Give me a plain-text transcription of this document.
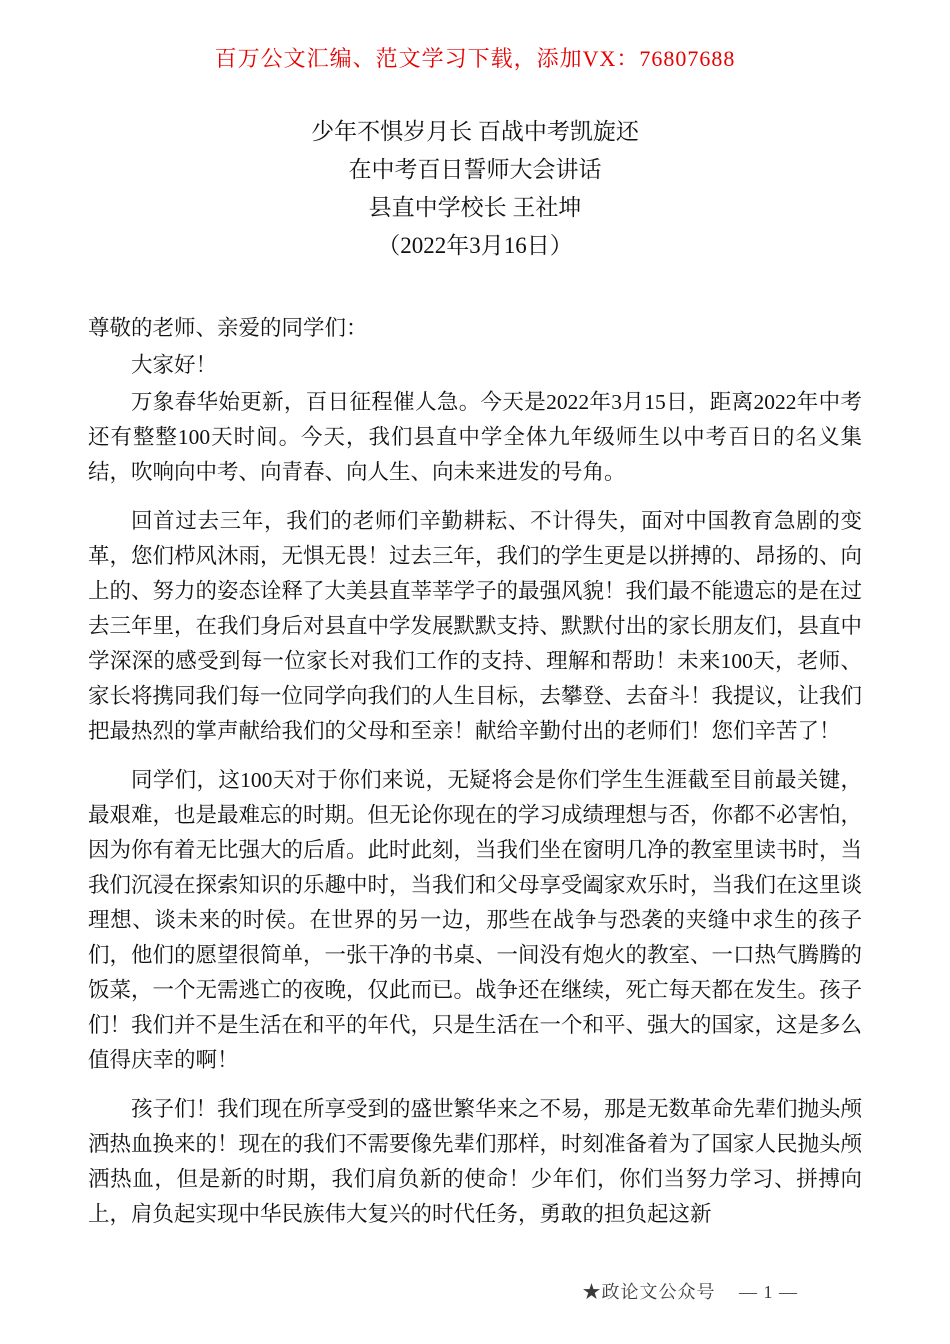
百万公文汇编、范文学习下载，添加VX：76807688
少年不惧岁月长 百战中考凯旋还
在中考百日誓师大会讲话
县直中学校长 王社坤
（2022年3月16日）

尊敬的老师、亲爱的同学们：

大家好！

万象春华始更新，百日征程催人急。今天是2022年3月15日，距离2022年中考还有整整100天时间。今天，我们县直中学全体九年级师生以中考百日的名义集结，吹响向中考、向青春、向人生、向未来进发的号角。

回首过去三年，我们的老师们辛勤耕耘、不计得失，面对中国教育急剧的变革，您们栉风沐雨，无惧无畏！过去三年，我们的学生更是以拼搏的、昂扬的、向上的、努力的姿态诠释了大美县直莘莘学子的最强风貌！我们最不能遗忘的是在过去三年里，在我们身后对县直中学发展默默支持、默默付出的家长朋友们，县直中学深深的感受到每一位家长对我们工作的支持、理解和帮助！未来100天，老师、家长将携同我们每一位同学向我们的人生目标，去攀登、去奋斗！我提议，让我们把最热烈的掌声献给我们的父母和至亲！献给辛勤付出的老师们！您们辛苦了！

同学们，这100天对于你们来说，无疑将会是你们学生生涯截至目前最关键，最艰难，也是最难忘的时期。但无论你现在的学习成绩理想与否，你都不必害怕，因为你有着无比强大的后盾。此时此刻，当我们坐在窗明几净的教室里读书时，当我们沉浸在探索知识的乐趣中时，当我们和父母享受阖家欢乐时，当我们在这里谈理想、谈未来的时侯。在世界的另一边，那些在战争与恐袭的夹缝中求生的孩子们，他们的愿望很简单，一张干净的书桌、一间没有炮火的教室、一口热气腾腾的饭菜，一个无需逃亡的夜晚，仅此而已。战争还在继续，死亡每天都在发生。孩子们！我们并不是生活在和平的年代，只是生活在一个和平、强大的国家，这是多么值得庆幸的啊！

孩子们！我们现在所享受到的盛世繁华来之不易，那是无数革命先辈们抛头颅洒热血换来的！现在的我们不需要像先辈们那样，时刻准备着为了国家人民抛头颅洒热血，但是新的时期，我们肩负新的使命！少年们，你们当努力学习、拼搏向上，肩负起实现中华民族伟大复兴的时代任务，勇敢的担负起这新

★政论文公众号 — 1 —
